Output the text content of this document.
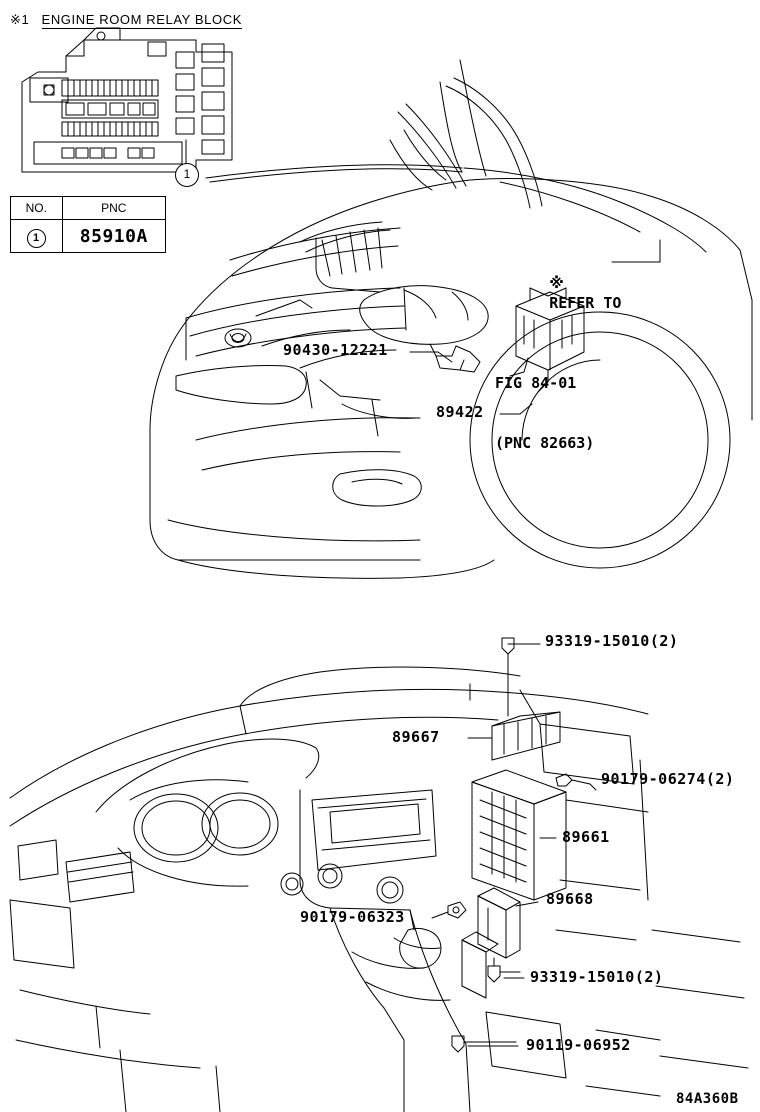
※1 ENGINE ROOM RELAY BLOCK
1
NO.	PNC
1	85910A

※
REFER TO

FIG 84-01

(PNC 82663)

90430-12221
89422
93319-15010(2)
89667
90179-06274(2)
89661
89668
90179-06323
93319-15010(2)
90119-06952
84A360B
